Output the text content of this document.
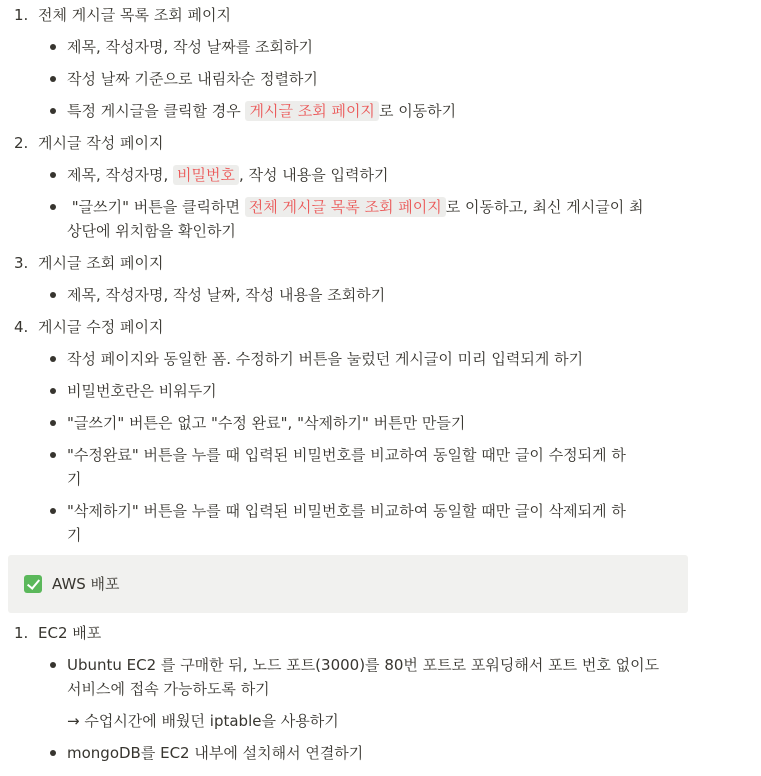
1. 전체 게시글 목록 조회 페이지
제목, 작성자명, 작성 날짜를 조회하기
작성 날짜 기준으로 내림차순 정렬하기
특정 게시글을 클릭할 경우 게시글 조회 페이지 로 이동하기
2. 게시글 작성 페이지
제목, 작성자명, 비밀번호 , 작성 내용을 입력하기
"글쓰기" 버튼을 클릭하면 전체 게시글 목록 조회 페이지 로 이동하고, 최신 게시글이 최
상단에 위치함을 확인하기
3. 게시글 조회 페이지
제목, 작성자명, 작성 날짜, 작성 내용을 조회하기
4. 게시글 수정 페이지
작성 페이지와 동일한 폼. 수정하기 버튼을 눌렀던 게시글이 미리 입력되게 하기
비밀번호란은 비워두기
"글쓰기" 버튼은 없고 "수정 완료", "삭제하기" 버튼만 만들기
"수정완료" 버튼을 누를 때 입력된 비밀번호를 비교하여 동일할 때만 글이 수정되게 하
기
"삭제하기" 버튼을 누를 때 입력된 비밀번호를 비교하여 동일할 때만 글이 삭제되게 하
기
AWS 배포
1. EC2 배포
Ubuntu EC2 를 구매한 뒤, 노드 포트(3000)를 80번 포트로 포워딩해서 포트 번호 없이도
서비스에 접속 가능하도록 하기
→ 수업시간에 배웠던 iptable을 사용하기
mongoDB를 EC2 내부에 설치해서 연결하기
